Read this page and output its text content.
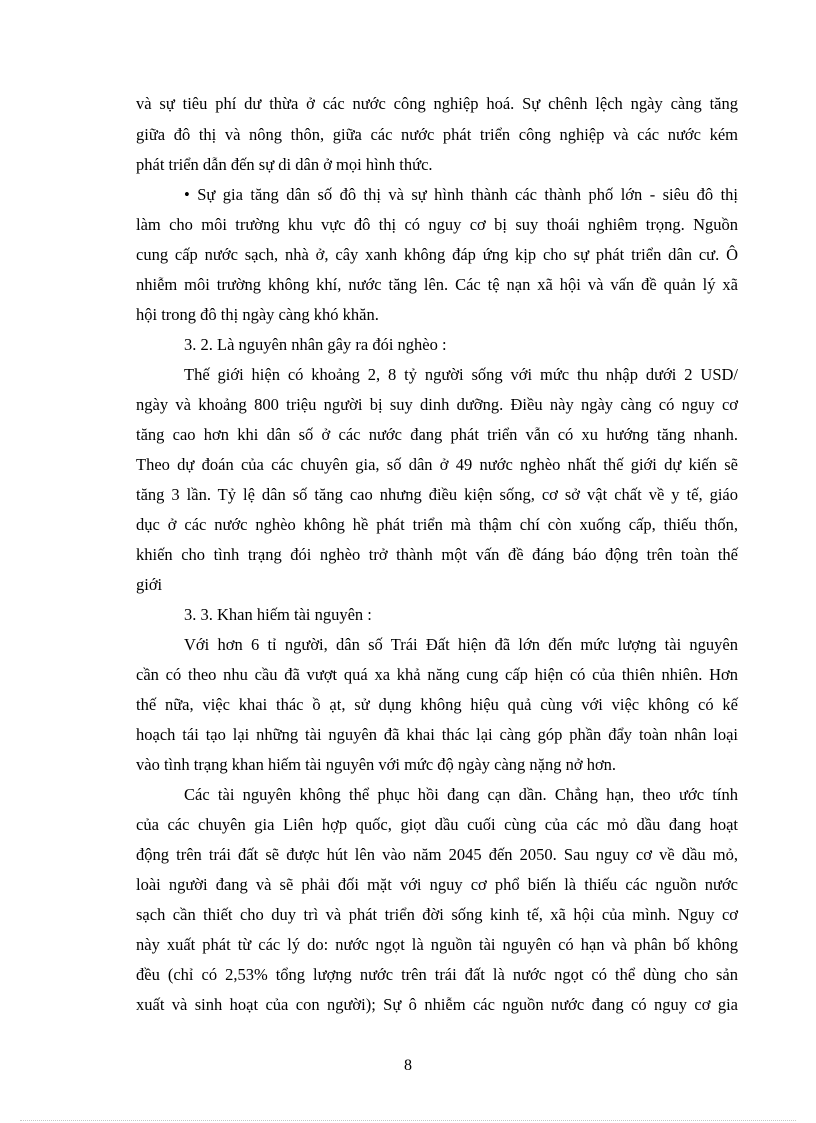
và sự tiêu phí dư thừa ở các nước công nghiệp hoá. Sự chênh lệch ngày càng tăng
giữa đô thị và nông thôn, giữa các nước phát triển công nghiệp và các nước kém
phát triển dẫn đến sự di dân ở mọi hình thức.
• Sự gia tăng dân số đô thị và sự hình thành các thành phố lớn - siêu đô thị
làm cho môi trường khu vực đô thị có nguy cơ bị suy thoái nghiêm trọng. Nguồn
cung cấp nước sạch, nhà ở, cây xanh không đáp ứng kịp cho sự phát triển dân cư. Ô
nhiễm môi trường không khí, nước tăng lên. Các tệ nạn xã hội và vấn đề quản lý xã
hội trong đô thị ngày càng khó khăn.
3. 2. Là nguyên nhân gây ra đói nghèo :
Thế giới hiện có khoảng 2, 8 tỷ người sống với mức thu nhập dưới 2 USD/
ngày và khoảng 800 triệu người bị suy dinh dưỡng. Điều này ngày càng có nguy cơ
tăng cao hơn khi dân số ở các nước đang phát triển vẫn có xu hướng tăng nhanh.
Theo dự đoán của các chuyên gia, số dân ở 49 nước nghèo nhất thế giới dự kiến sẽ
tăng 3 lần. Tỷ lệ dân số tăng cao nhưng điều kiện sống, cơ sở vật chất về y tế, giáo
dục ở các nước nghèo không hề phát triển mà thậm chí còn xuống cấp, thiếu thốn,
khiến cho tình trạng đói nghèo trở thành một vấn đề đáng báo động trên toàn thế
giới
3. 3. Khan hiếm tài nguyên :
Với hơn 6 tỉ người, dân số Trái Đất hiện đã lớn đến mức lượng tài nguyên
cần có theo nhu cầu đã vượt quá xa khả năng cung cấp hiện có của thiên nhiên. Hơn
thế nữa, việc khai thác ồ ạt, sử dụng không hiệu quả cùng với việc không có kế
hoạch tái tạo lại những tài nguyên đã khai thác lại càng góp phần đẩy toàn nhân loại
vào tình trạng khan hiếm tài nguyên với mức độ ngày càng nặng nở hơn.
Các tài nguyên không thể phục hồi đang cạn dần. Chẳng hạn, theo ước tính
của các chuyên gia Liên hợp quốc, giọt dầu cuối cùng của các mỏ dầu đang hoạt
động trên trái đất sẽ được hút lên vào năm 2045 đến 2050. Sau nguy cơ về dầu mỏ,
loài người đang và sẽ phải đối mặt với nguy cơ phổ biến là thiếu các nguồn nước
sạch cần thiết cho duy trì và phát triển đời sống kinh tế, xã hội của mình. Nguy cơ
này xuất phát từ các lý do: nước ngọt là nguồn tài nguyên có hạn và phân bố không
đều (chỉ có 2,53% tổng lượng nước trên trái đất là nước ngọt có thể dùng cho sản
xuất và sinh hoạt của con người); Sự ô nhiễm các nguồn nước đang có nguy cơ gia
8
